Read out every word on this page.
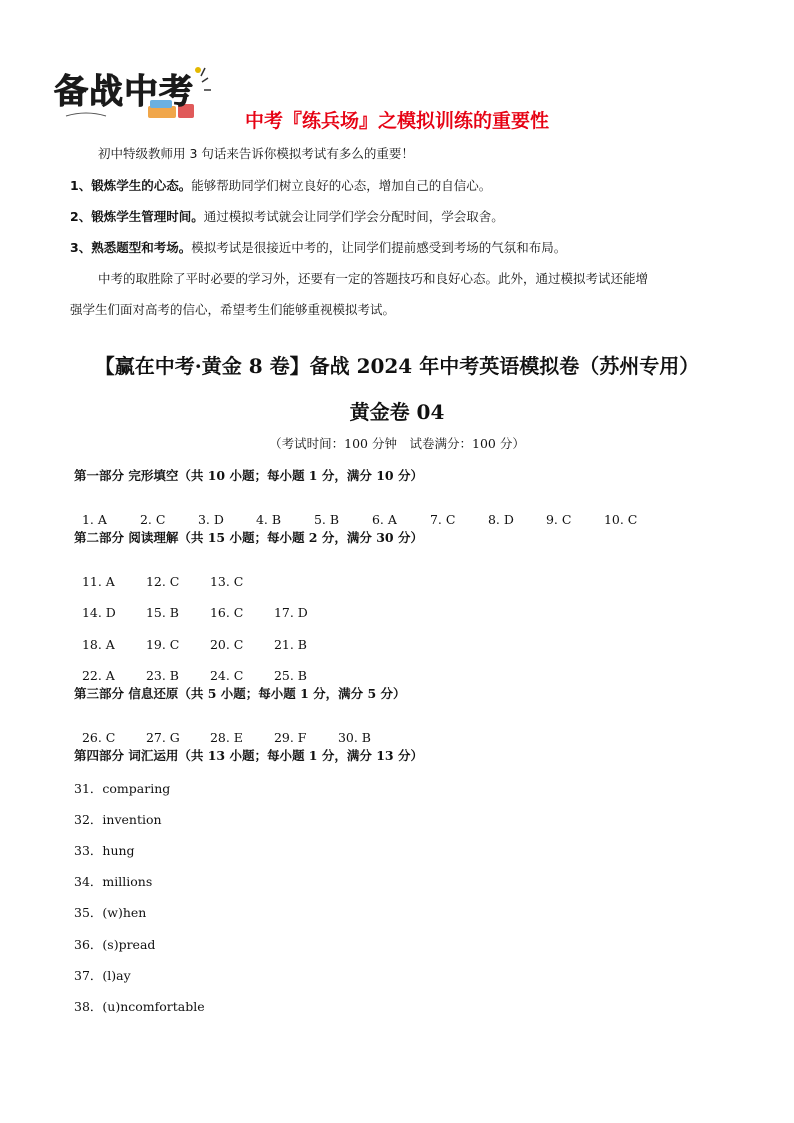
备战中考
中考『练兵场』之模拟训练的重要性
初中特级教师用 3 句话来告诉你模拟考试有多么的重要！
1、锻炼学生的心态。能够帮助同学们树立良好的心态，增加自己的自信心。
2、锻炼学生管理时间。通过模拟考试就会让同学们学会分配时间，学会取舍。
3、熟悉题型和考场。模拟考试是很接近中考的，让同学们提前感受到考场的气氛和布局。
中考的取胜除了平时必要的学习外，还要有一定的答题技巧和良好心态。此外，通过模拟考试还能增
强学生们面对高考的信心，希望考生们能够重视模拟考试。
【赢在中考·黄金 8 卷】备战 2024 年中考英语模拟卷（苏州专用）
黄金卷 04
（考试时间：100 分钟　试卷满分：100 分）
第一部分 完形填空（共 10 小题；每小题 1 分，满分 10 分）

1. A	2. C	3. D	4. B	5. B	6. A	7. C	8. D	9. C	10. C

第二部分 阅读理解（共 15 小题；每小题 2 分，满分 30 分）

11. A 12. C 13. C

14. D 15. B 16. C 17. D

18. A 19. C 20. C 21. B

22. A 23. B 24. C 25. B

第三部分 信息还原（共 5 小题；每小题 1 分，满分 5 分）

26. C 27. G 28. E 29. F	30. B

第四部分 词汇运用（共 13 小题；每小题 1 分，满分 13 分）
31．comparing
32．invention
33．hung
34．millions
35．(w)hen
36．(s)pread
37．(l)ay
38．(u)ncomfortable
